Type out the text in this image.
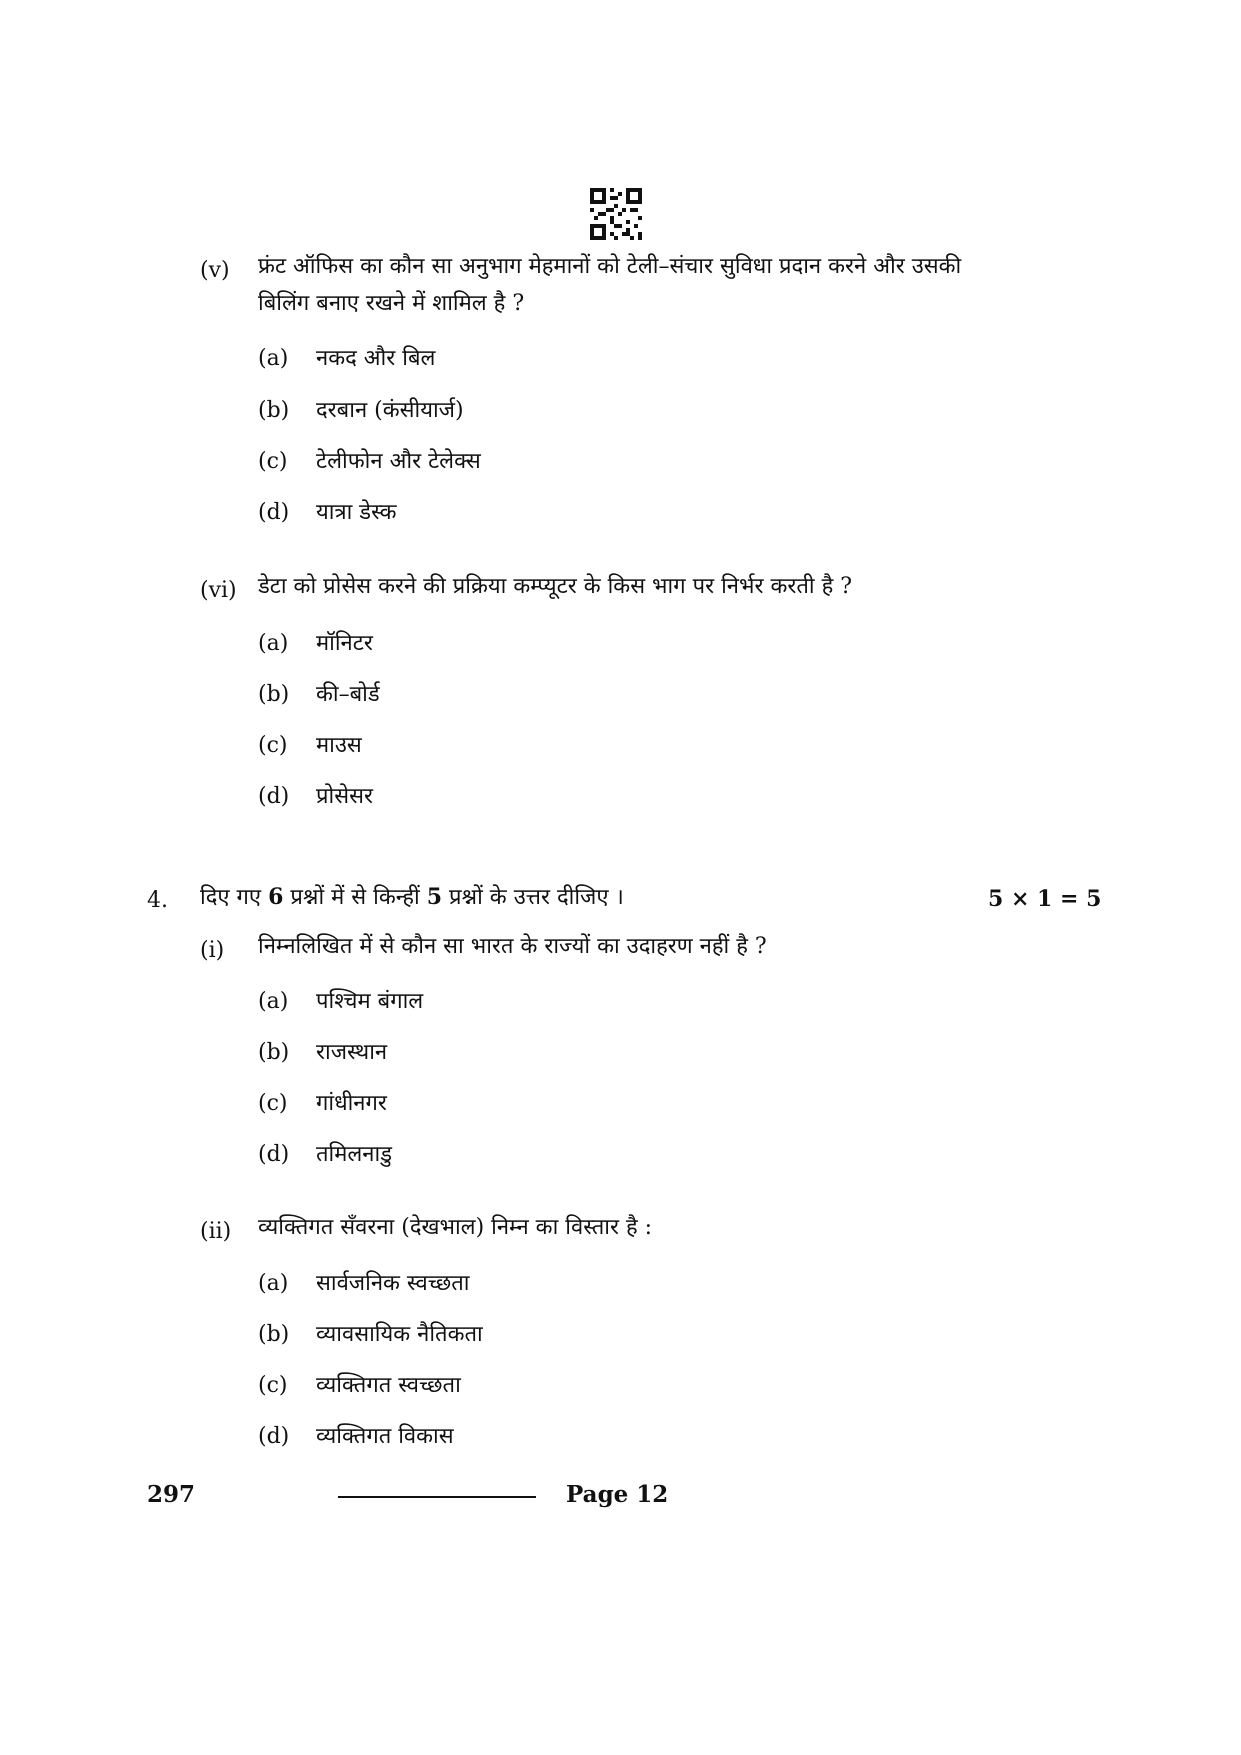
(v) फ्रंट ऑफिस का कौन सा अनुभाग मेहमानों को टेली–संचार सुविधा प्रदान करने और उसकी
बिलिंग बनाए रखने में शामिल है ?
(a) नकद और बिल
(b) दरबान (कंसीयार्ज)
(c) टेलीफोन और टेलेक्स
(d) यात्रा डेस्क
(vi) डेटा को प्रोसेस करने की प्रक्रिया कम्प्यूटर के किस भाग पर निर्भर करती है ?
(a) मॉनिटर
(b) की–बोर्ड
(c) माउस
(d) प्रोसेसर
4. दिए गए 6 प्रश्नों में से किन्हीं 5 प्रश्नों के उत्तर दीजिए ।	5 × 1 = 5
(i) निम्नलिखित में से कौन सा भारत के राज्यों का उदाहरण नहीं है ?
(a) पश्चिम बंगाल
(b) राजस्थान
(c) गांधीनगर
(d) तमिलनाडु
(ii) व्यक्तिगत सँवरना (देखभाल) निम्न का विस्तार है :
(a) सार्वजनिक स्वच्छता
(b) व्यावसायिक नैतिकता
(c) व्यक्तिगत स्वच्छता
(d) व्यक्तिगत विकास
297	Page 12
